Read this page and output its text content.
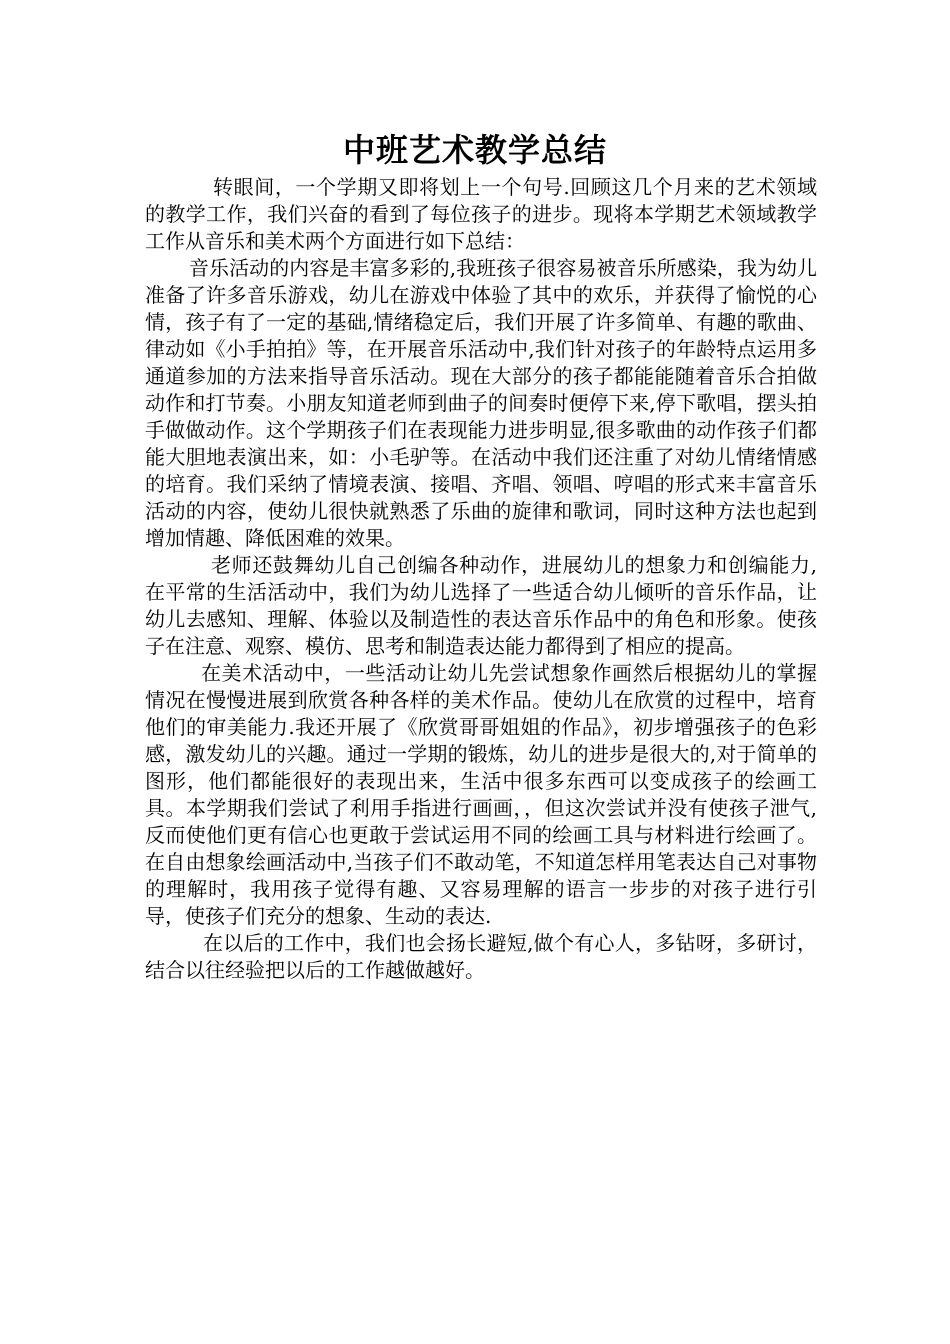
中班艺术教学总结

转眼间，一个学期又即将划上一个句号.回顾这几个月来的艺术领域的教学工作，我们兴奋的看到了每位孩子的进步。现将本学期艺术领域教学工作从音乐和美术两个方面进行如下总结：

音乐活动的内容是丰富多彩的,我班孩子很容易被音乐所感染，我为幼儿准备了许多音乐游戏，幼儿在游戏中体验了其中的欢乐，并获得了愉悦的心情，孩子有了一定的基础,情绪稳定后，我们开展了许多简单、有趣的歌曲、律动如《小手拍拍》等，在开展音乐活动中,我们针对孩子的年龄特点运用多通道参加的方法来指导音乐活动。现在大部分的孩子都能能随着音乐合拍做动作和打节奏。小朋友知道老师到曲子的间奏时便停下来,停下歌唱，摆头拍手做做动作。这个学期孩子们在表现能力进步明显,很多歌曲的动作孩子们都能大胆地表演出来，如：小毛驴等。在活动中我们还注重了对幼儿情绪情感的培育。我们采纳了情境表演、接唱、齐唱、领唱、哼唱的形式来丰富音乐活动的内容，使幼儿很快就熟悉了乐曲的旋律和歌词，同时这种方法也起到增加情趣、降低困难的效果。

老师还鼓舞幼儿自己创编各种动作，进展幼儿的想象力和创编能力,在平常的生活活动中，我们为幼儿选择了一些适合幼儿倾听的音乐作品，让幼儿去感知、理解、体验以及制造性的表达音乐作品中的角色和形象。使孩子在注意、观察、模仿、思考和制造表达能力都得到了相应的提高。

在美术活动中，一些活动让幼儿先尝试想象作画然后根据幼儿的掌握情况在慢慢进展到欣赏各种各样的美术作品。使幼儿在欣赏的过程中，培育他们的审美能力.我还开展了《欣赏哥哥姐姐的作品》，初步增强孩子的色彩感，激发幼儿的兴趣。通过一学期的锻炼，幼儿的进步是很大的,对于简单的图形，他们都能很好的表现出来，生活中很多东西可以变成孩子的绘画工具。本学期我们尝试了利用手指进行画画，，但这次尝试并没有使孩子泄气,反而使他们更有信心也更敢于尝试运用不同的绘画工具与材料进行绘画了。在自由想象绘画活动中,当孩子们不敢动笔，不知道怎样用笔表达自己对事物的理解时，我用孩子觉得有趣、又容易理解的语言一步步的对孩子进行引导，使孩子们充分的想象、生动的表达.

在以后的工作中，我们也会扬长避短,做个有心人，多钻呀，多研讨，结合以往经验把以后的工作越做越好。
